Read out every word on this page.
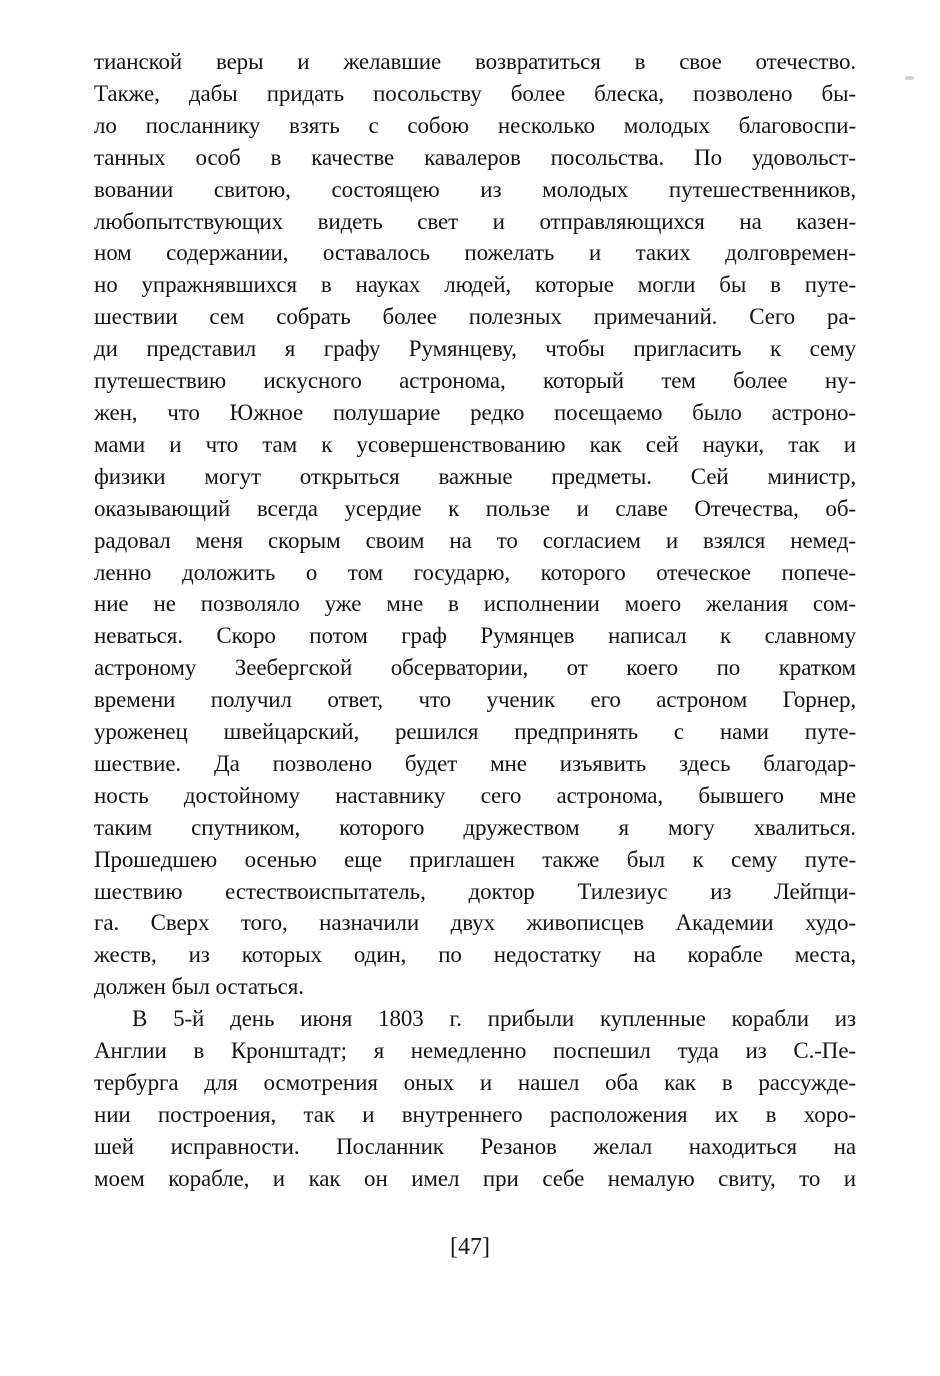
тианской веры и желавшие возвратиться в свое отечество.
Также, дабы придать посольству более блеска, позволено бы-
ло посланнику взять с собою несколько молодых благовоспи-
танных особ в качестве кавалеров посольства. По удовольст-
вовании свитою, состоящею из молодых путешественников,
любопытствующих видеть свет и отправляющихся на казен-
ном содержании, оставалось пожелать и таких долговремен-
но упражнявшихся в науках людей, которые могли бы в путе-
шествии сем собрать более полезных примечаний. Сего ра-
ди представил я графу Румянцеву, чтобы пригласить к сему
путешествию искусного астронома, который тем более ну-
жен, что Южное полушарие редко посещаемо было астроно-
мами и что там к усовершенствованию как сей науки, так и
физики могут открыться важные предметы. Сей министр,
оказывающий всегда усердие к пользе и славе Отечества, об-
радовал меня скорым своим на то согласием и взялся немед-
ленно доложить о том государю, которого отеческое попече-
ние не позволяло уже мне в исполнении моего желания сом-
неваться. Скоро потом граф Румянцев написал к славному
астроному Зеебергской обсерватории, от коего по кратком
времени получил ответ, что ученик его астроном Горнер,
уроженец швейцарский, решился предпринять с нами путе-
шествие. Да позволено будет мне изъявить здесь благодар-
ность достойному наставнику сего астронома, бывшего мне
таким спутником, которого дружеством я могу хвалиться.
Прошедшею осенью еще приглашен также был к сему путе-
шествию естествоиспытатель, доктор Тилезиус из Лейпци-
га. Сверх того, назначили двух живописцев Академии худо-
жеств, из которых один, по недостатку на корабле места,
должен был остаться.
В 5-й день июня 1803 г. прибыли купленные корабли из
Англии в Кронштадт; я немедленно поспешил туда из С.-Пе-
тербурга для осмотрения оных и нашел оба как в рассужде-
нии построения, так и внутреннего расположения их в хоро-
шей исправности. Посланник Резанов желал находиться на
моем корабле, и как он имел при себе немалую свиту, то и
[47]
